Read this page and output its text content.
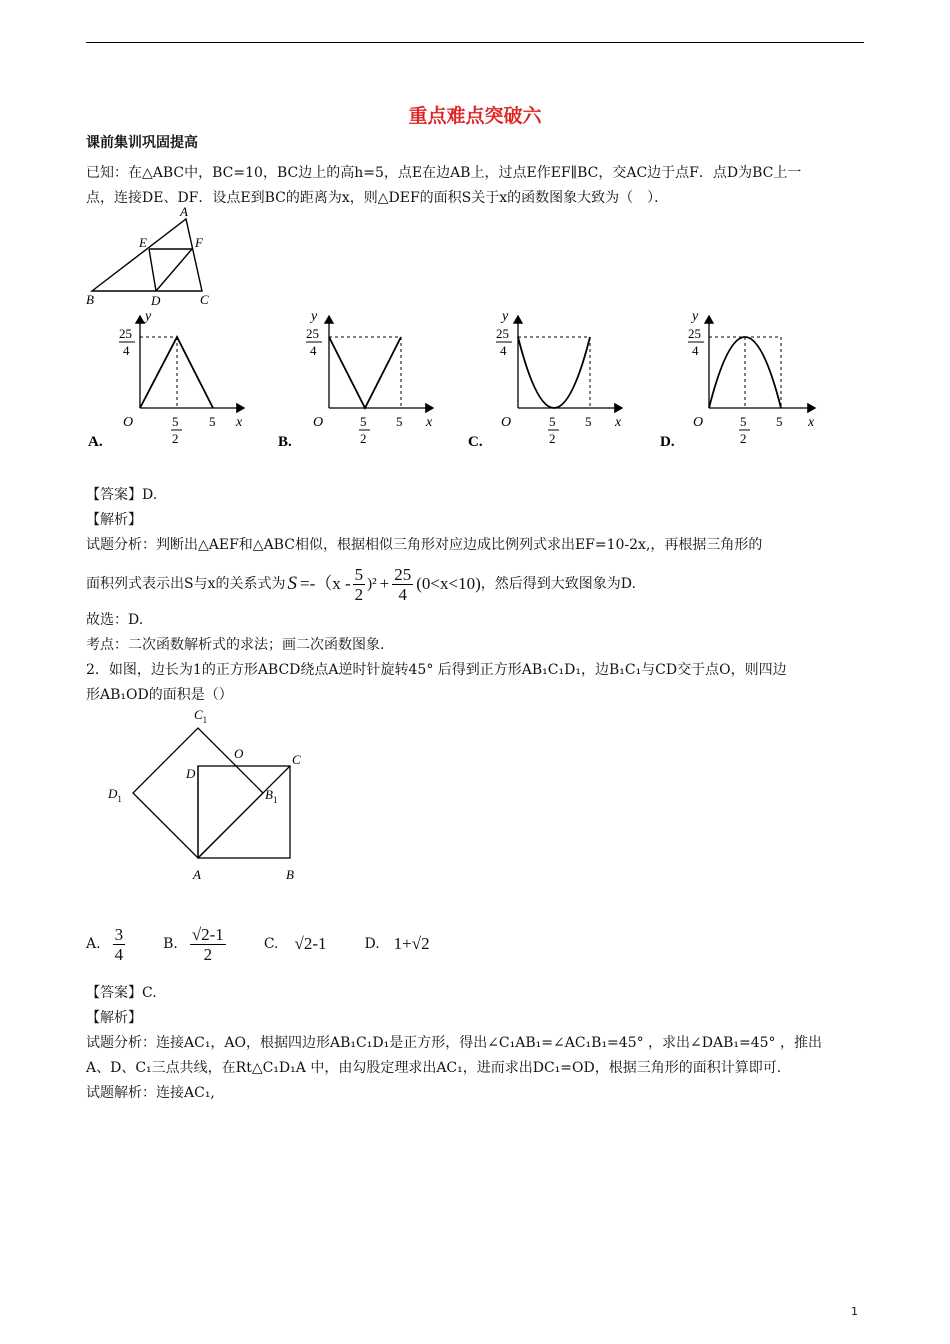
重点难点突破六
课前集训巩固提高
已知：在△ABC中，BC=10，BC边上的高h=5，点E在边AB上，过点E作EF∥BC，交AC边于点F．点D为BC上一
点，连接DE、DF．设点E到BC的距离为x，则△DEF的面积S关于x的函数图象大致为（　）．
A
E	F
B	D	C
y
x
O
25
4
5
2
5
A.
y
x
O
25
4
5
2
5
B.
y
x
O
25
4
5
2
5
C.
y
x
O
25
4
5
2
5
D.
【答案】D.
【解析】
试题分析：判断出△AEF和△ABC相似，根据相似三角形对应边成比例列式求出EF=10-2x,，再根据三角形的
面积列式表示出S与x的关系式为 $S =-(x - \frac{5}{2} )^2 + \frac{25}{4} (0<x<10)$ ，然后得到大致图象为D.
故选：D.
考点：二次函数解析式的求法；画二次函数图象.
2．如图，边长为1的正方形ABCD绕点A逆时针旋转45° 后得到正方形AB₁C₁D₁，边B₁C₁与CD交于点O，则四边
形AB₁OD的面积是（）
$C_1$
O	C
D
$B_1$
$D_1$
A	B
A. $\frac{3}{4}$	B. $\frac{√2-1}{2}$	C. √2-1	D. 1+√2
【答案】C.
【解析】
试题分析：连接AC₁，AO，根据四边形AB₁C₁D₁是正方形，得出∠C₁AB₁=∠AC₁B₁=45° ，求出∠DAB₁=45° ，推出
A、D、C₁三点共线，在Rt△C₁D₁A 中，由勾股定理求出AC₁，进而求出DC₁=OD，根据三角形的面积计算即可.
试题解析：连接AC₁,
1
